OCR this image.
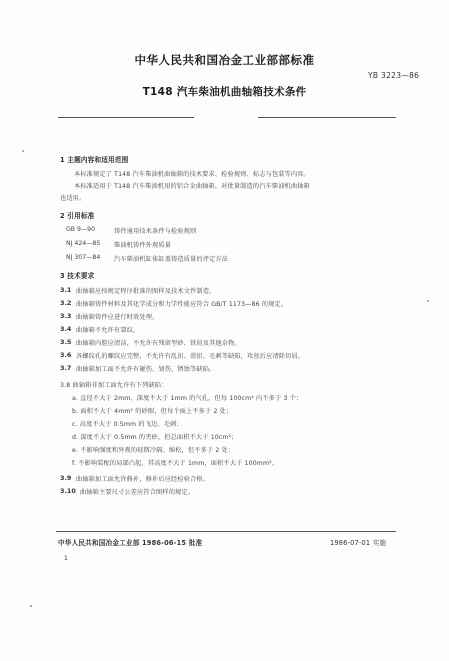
中华人民共和国冶金工业部部标准
YB 3223—86
T148 汽车柴油机曲轴箱技术条件
1 主题内容和适用范围
本标准规定了 T148 汽车柴油机曲轴箱的技术要求、检验规则、标志与包装等内容。
本标准适用于 T148 汽车柴油机用的铝合金曲轴箱，对批量制造的汽车柴油机曲轴箱
也适用。
2 引用标准
GB 9—90	铸件通用技术条件与检验规则
NJ 424—85 柴油机铸件外观质量
NJ 307—84 汽车柴油机缸体缸盖铸造质量的评定方法
3 技术要求
3.1 曲轴箱应按规定程序批准的图样及技术文件制造。
3.2 曲轴箱铸件材料及其化学成分和力学性能应符合 GB/T 1173—86 的规定。
3.3 曲轴箱铸件应进行时效处理。
3.4 曲轴箱不允许有裂纹。
3.5 曲轴箱内腔应清洁，不允许有残留型砂、铁屑及其他杂物。
3.6 各螺纹孔的螺纹应完整，不允许有乱扣、滑扣、毛刺等缺陷，攻丝后应清除切屑。
3.7 曲轴箱加工面不允许有碰伤、划伤、锈蚀等缺陷。
3.8 曲轴箱非加工面允许有下列缺陷：
a. 直径不大于 2mm、深度不大于 1mm 的气孔，但每 100cm² 内不多于 3 个；
b. 面积不大于 4mm² 的砂眼，但每个面上不多于 2 处；
c. 高度不大于 0.5mm 的飞边、毛刺；
d. 深度不大于 0.5mm 的夹砂，但总面积不大于 10cm²；
e. 不影响强度和外观的轻微冷隔、缩松，但不多于 2 处；
f. 不影响装配的局部凸起，其高度不大于 1mm，面积不大于 100mm²。
3.9 曲轴箱加工面允许修补，修补后应经检验合格。
3.10 曲轴箱主要尺寸公差应符合图样的规定。
中华人民共和国冶金工业部 1986-06-15 批准	1986-07-01 实施
1
